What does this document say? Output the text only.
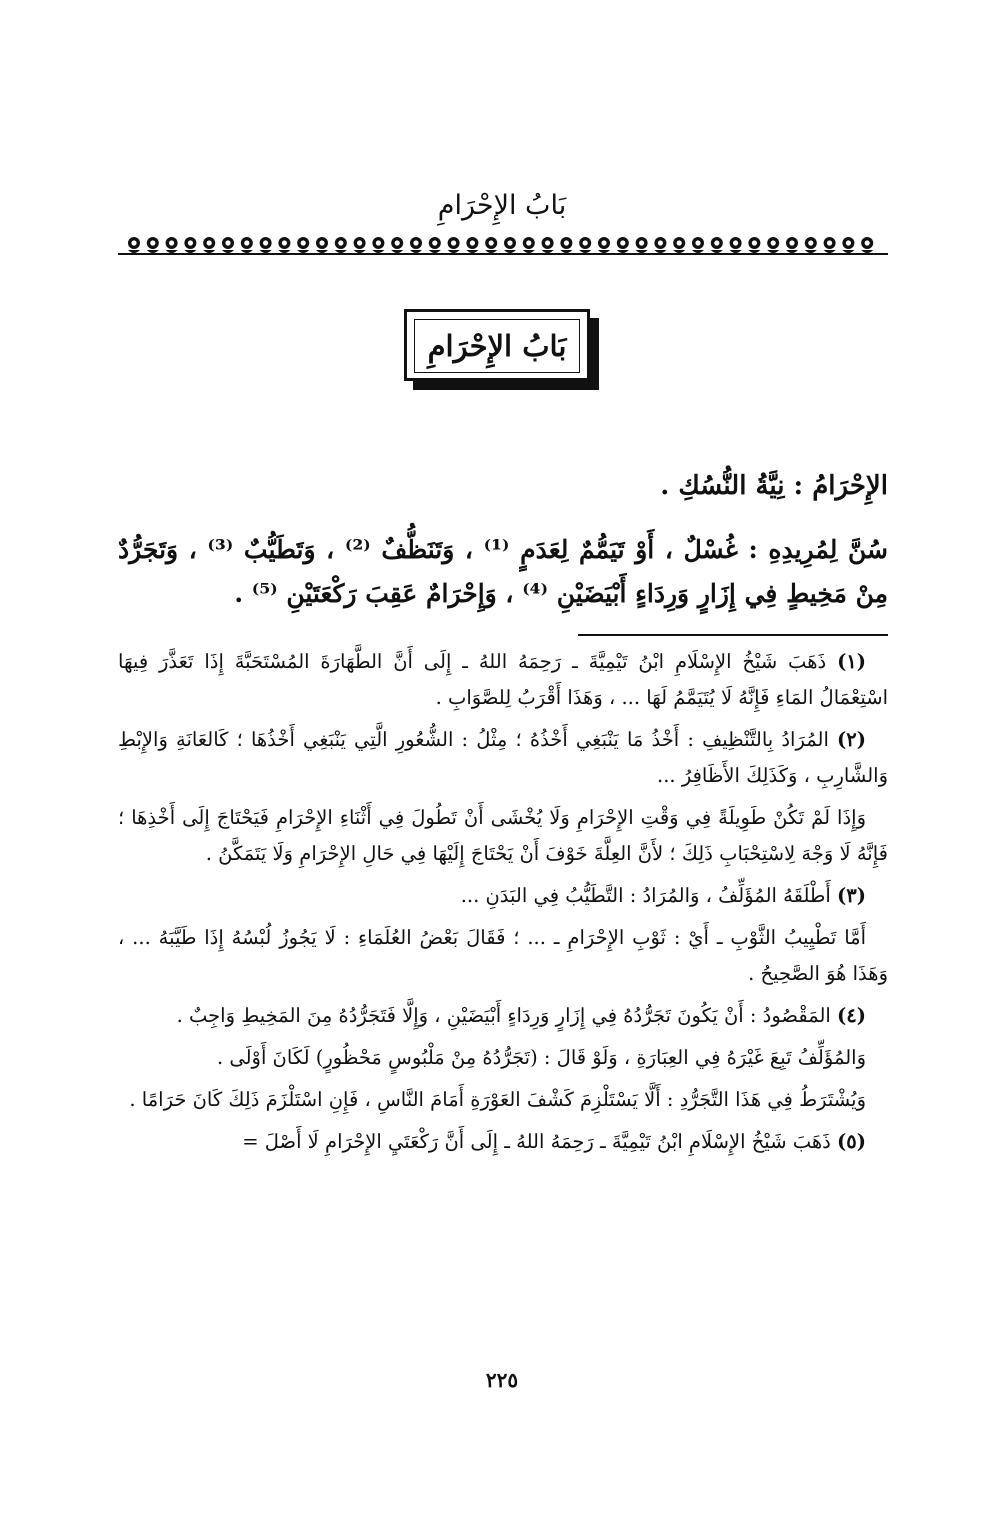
بَابُ الإِحْرَامِ
بَابُ الإِحْرَامِ
الإِحْرَامُ : نِيَّةُ النُّسُكِ .
سُنَّ لِمُرِيدِهِ : غُسْلٌ ، أَوْ تَيَمُّمٌ لِعَدَمٍ ⁽¹⁾ ، وَتَنَظُّفٌ ⁽²⁾ ، وَتَطَيُّبٌ ⁽³⁾ ، وَتَجَرُّدٌ مِنْ مَخِيطٍ فِي إِزَارٍ وَرِدَاءٍ أَبْيَضَيْنِ ⁽⁴⁾ ، وَإِحْرَامٌ عَقِبَ رَكْعَتَيْنِ ⁽⁵⁾ .

(١) ذَهَبَ شَيْخُ الإِسْلَامِ ابْنُ تَيْمِيَّةَ ـ رَحِمَهُ اللهُ ـ إِلَى أَنَّ الطَّهَارَةَ المُسْتَحَبَّةَ إِذَا تَعَذَّرَ فِيهَا اسْتِعْمَالُ المَاءِ فَإِنَّهُ لَا يُتَيَمَّمُ لَهَا ... ، وَهَذَا أَقْرَبُ لِلصَّوَابِ .

(٢) المُرَادُ بِالتَّنْظِيفِ : أَخْذُ مَا يَنْبَغِي أَخْذُهُ ؛ مِثْلُ : الشُّعُورِ الَّتِي يَنْبَغِي أَخْذُهَا ؛ كَالعَانَةِ وَالإِبْطِ وَالشَّارِبِ ، وَكَذَلِكَ الأَظَافِرُ ...

وَإِذَا لَمْ تَكُنْ طَوِيلَةً فِي وَقْتِ الإِحْرَامِ وَلَا يُخْشَى أَنْ تَطُولَ فِي أَثْنَاءِ الإِحْرَامِ فَيَحْتَاجَ إِلَى أَخْذِهَا ؛ فَإِنَّهُ لَا وَجْهَ لِاسْتِحْبَابِ ذَلِكَ ؛ لأَنَّ العِلَّةَ خَوْفَ أَنْ يَحْتَاجَ إِلَيْهَا فِي حَالِ الإِحْرَامِ وَلَا يَتَمَكَّنُ .

(٣) أَطْلَقَهُ المُؤَلِّفُ ، وَالمُرَادُ : التَّطَيُّبُ فِي البَدَنِ ...

أَمَّا تَطْيِيبُ الثَّوْبِ ـ أَيْ : ثَوْبِ الإِحْرَامِ ـ ... ؛ فَقَالَ بَعْضُ العُلَمَاءِ : لَا يَجُوزُ لُبْسُهُ إِذَا طَيَّبَهُ ... ، وَهَذَا هُوَ الصَّحِيحُ .

(٤) المَقْصُودُ : أَنْ يَكُونَ تَجَرُّدُهُ فِي إِزَارٍ وَرِدَاءٍ أَبْيَضَيْنِ ، وَإِلَّا فَتَجَرُّدُهُ مِنَ المَخِيطِ وَاجِبٌ .

وَالمُؤَلِّفُ تَبِعَ غَيْرَهُ فِي العِبَارَةِ ، وَلَوْ قَالَ : (تَجَرُّدُهُ مِنْ مَلْبُوسٍ مَحْظُورٍ) لَكَانَ أَوْلَى .

وَيُشْتَرَطُ فِي هَذَا التَّجَرُّدِ : أَلَّا يَسْتَلْزِمَ كَشْفَ العَوْرَةِ أَمَامَ النَّاسِ ، فَإِنِ اسْتَلْزَمَ ذَلِكَ كَانَ حَرَامًا .

(٥) ذَهَبَ شَيْخُ الإِسْلَامِ ابْنُ تَيْمِيَّةَ ـ رَحِمَهُ اللهُ ـ إِلَى أَنَّ رَكْعَتَيِ الإِحْرَامِ لَا أَصْلَ =

٢٢٥
